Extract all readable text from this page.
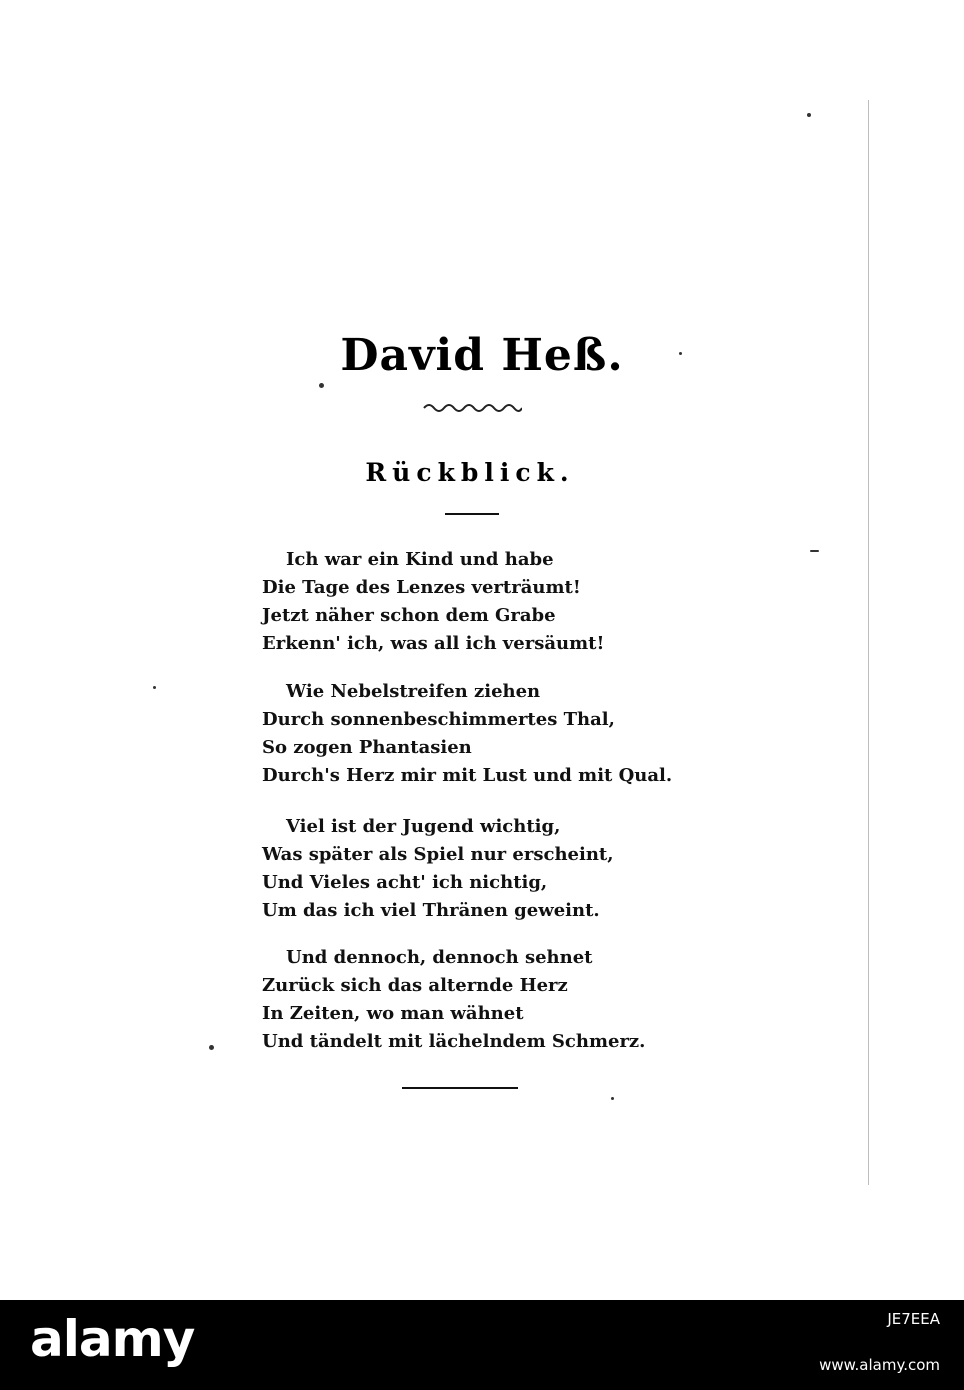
David Heß.
Rückblick.
Ich war ein Kind und habe
Die Tage des Lenzes verträumt!
Jetzt näher schon dem Grabe
Erkenn' ich, was all ich versäumt!
Wie Nebelstreifen ziehen
Durch sonnenbeschimmertes Thal,
So zogen Phantasien
Durch's Herz mir mit Lust und mit Qual.
Viel ist der Jugend wichtig,
Was später als Spiel nur erscheint,
Und Vieles acht' ich nichtig,
Um das ich viel Thränen geweint.
Und dennoch, dennoch sehnet
Zurück sich das alternde Herz
In Zeiten, wo man wähnet
Und tändelt mit lächelndem Schmerz.
alamy	JE7EEA
www.alamy.com
